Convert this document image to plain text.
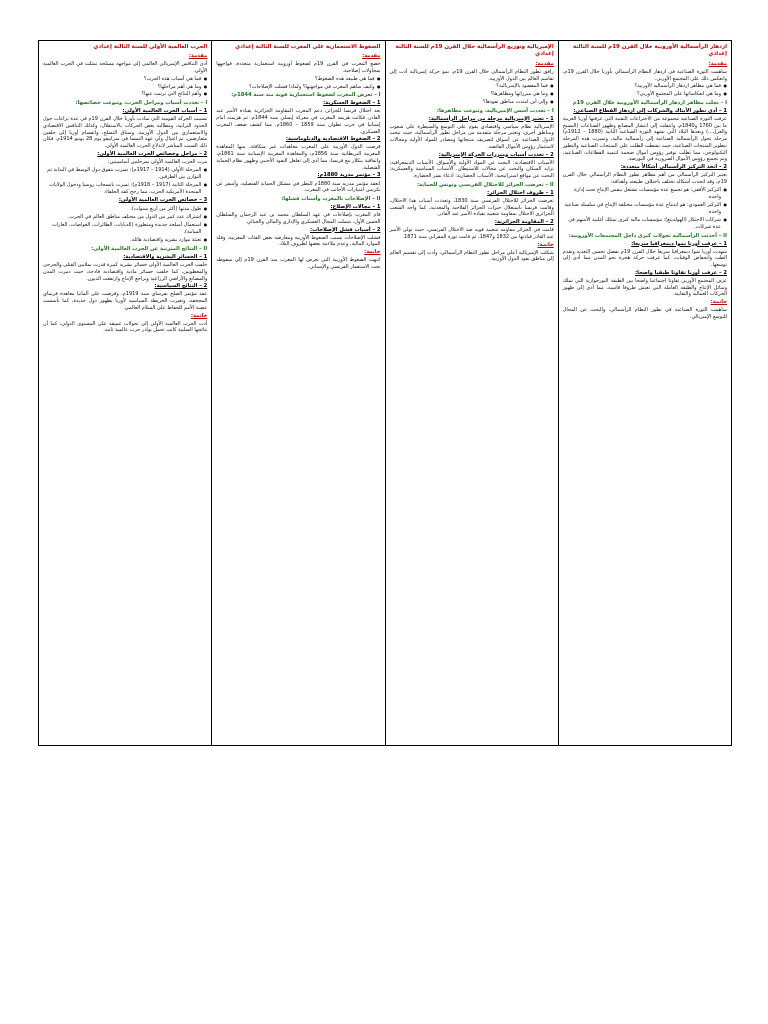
ازدهار الرأسمالية الأوروبية خلال القرن 19م للسنة الثالثة إعدادي
مقدمة:
ساهمت الثورة الصناعية في ازدهار النظام الرأسمالي بأوربا خلال القرن 19م، وانعكس ذلك على المجتمع الأوربي.
● فما هي مظاهر ازدهار الرأسمالية الأوربية؟
● وما هي انعكاساتها على المجتمع الأوربي؟
I – تجلت مظاهر ازدهار الرأسمالية الأوروبية خلال القرن 19م
1 – أدى تطور الأبناك والشركات إلى ازدهار القطاع الصناعي:
عرفت الثورة الصناعية مجموعة من الاختراعات التقنية التي عرفتها أوربا الغربية ما بين 1760 و1840م، وانتقلت إلى انتشار المصانع وظهور الصناعات (النسيج والغزل...) وبعدها البلاد التي تشهد الثورة الصناعية الثانية (1880 – 1912م) مرحلة تحول الرأسمالية الصناعية إلى رأسمالية مالية، وتميزت هذه المرحلة بتطوير المنتجات الصناعية، حيث نشطت الطلب على المنتجات الصناعية والتطور التكنولوجي، مما تطلب توفير رؤوس أموال ضخمة لتنمية القطاعات الصناعية، وتم تجميع رؤوس الأموال الضرورية في البورصة.
2 – اتخذ التركيز الرأسمالي أشكالاً متعددة:
يعتبر التركيز الرأسمالي من أهم مظاهر تطور النظام الرأسمالي خلال القرن 19م، وقد اتخذت أشكاله تختلف باختلاف طبيعته وأهدافه:
● التركيز الأفقي: هو تجميع عدة مؤسسات تشتغل بنفس الإنتاج تحت إدارة واحدة.
● التركيز العمودي: هو اندماج عدة مؤسسات مختلفة الإنتاج في سلسلة صناعية واحدة.
● شركات الاحتكار (الهولدينغ): مؤسسات مالية كبرى تمتلك أغلبية الأسهم في عدة شركات.
II – أحدثت الرأسمالية تحولات كبرى داخل المجتمعات الأوروبية:
1 – عرفت أوربا نموا ديمغرافيا سريعا:
شهدت أوربا نموا ديمغرافيا سريعا خلال القرن 19م بفضل تحسن التغذية وتقدم الطب وانخفاض الوفيات، كما عرفت حركة هجرة نحو المدن مما أدى إلى توسعها.
2 – عرفت أوربا تفاوتا طبقيا واضحا:
عرف المجتمع الأوربي تفاوتا اجتماعيا واضحا بين الطبقة البورجوازية التي تملك وسائل الإنتاج والطبقة العاملة التي تعيش ظروفا قاسية، مما أدى إلى ظهور الحركات العمالية والنقابية.
خاتمة:
ساهمت الثورة الصناعية في تطور النظام الرأسمالي، والبحث عن المجال للتوسع الإمبريالي.
الإمبريالية وتوزيع الرأسمالية خلال القرن 19م للسنة الثالثة إعدادي
مقدمة:
رافق تطور النظام الرأسمالي خلال القرن 19م، نمو حركة إمبريالية أدت إلى تقاسم العالم بين الدول الأوربية.
● فما المقصود بالإمبريالية؟
● وما هي مبرراتها ومظاهرها؟
● وإلى أين امتدت مناطق نفوذها؟
I – تعددت أسس الإمبريالية، وتنوعت مظاهرها:
1 – تعتبر الإمبريالية مرحلة من مراحل الرأسمالية:
الإمبريالية نظام سياسي واقتصادي يقوم على التوسع والسيطرة على شعوب ومناطق أخرى، وتعتبر مرحلة متقدمة من مراحل تطور الرأسمالية، حيث تبحث الدول الصناعية عن أسواق لتصريف منتجاتها ومصادر للمواد الأولية ومجالات لاستثمار رؤوس الأموال الفائضة.
2 – تعددت أسباب ومبررات الحركة الإمبريالية:
الأسباب الاقتصادية: البحث عن المواد الأولية والأسواق. الأسباب الديمغرافية: تزايد السكان والبحث عن مجالات للاستيطان. الأسباب السياسية والعسكرية: البحث عن مواقع استراتيجية. الأسباب الحضارية: ادعاء نشر الحضارة.
II – تعرضت الجزائر للاحتلال الفرنسي وتونس للحماية:
1 – ظروف احتلال الجزائر:
تعرضت الجزائر للاحتلال الفرنسي سنة 1830، وتعددت أسباب هذا الاحتلال، وقامت فرنسا باستغلال خيرات الجزائر الفلاحية والمعدنية، كما واجه الشعب الجزائري الاحتلال بمقاومة شعبية بقيادة الأمير عبد القادر.
2 – المقاومة الجزائرية:
قامت في الجزائر مقاومة شعبية قوية ضد الاحتلال الفرنسي، حيث تولى الأمير عبد القادر قيادتها بين 1832 و1847، ثم قامت ثورة المقراني سنة 1871.
خاتمة:
شكلت الإمبريالية أعلى مراحل تطور النظام الرأسمالي، وأدت إلى تقسيم العالم إلى مناطق نفوذ الدول الأوربية.
الضغوط الاستعمارية على المغرب للسنة الثالثة إعدادي
مقدمة:
خضع المغرب في القرن 19م لضغوط أوروبية استعمارية متعددة، فواجهها بمحاولات إصلاحية.
● فما هي طبيعة هذه الضغوط؟
● وكيف ساهم المغرب في مواجهتها؟ ولماذا فشلت الإصلاحات؟
I – تعرض المغرب لضغوط استعمارية قوية منذ سنة 1844م:
1 – الضغوط العسكرية:
بعد احتلال فرنسا للجزائر، دعم المغرب المقاومة الجزائرية بقيادة الأمير عبد القادر، فكانت هزيمة المغرب في معركة إيسلي سنة 1844م، ثم هزيمته أمام إسبانيا في حرب تطوان سنة 1859 – 1860م، مما كشف ضعف المغرب العسكري.
2 – الضغوط الاقتصادية والدبلوماسية:
فرضت الدول الأوربية على المغرب معاهدات غير متكافئة، منها المعاهدة المغربية البريطانية سنة 1856م، والمعاهدة المغربية الإسبانية سنة 1861م، واتفاقية بيكلار مع فرنسا، مما أدى إلى تغلغل النفوذ الأجنبي وظهور نظام الحماية القنصلية.
3 – مؤتمر مدريد 1880م:
انعقد مؤتمر مدريد سنة 1880م للنظر في مشكل الحماية القنصلية، وأسفر عن تكريس امتيازات الأجانب في المغرب.
II – الإصلاحات بالمغرب وأسباب فشلها:
1 – مجالات الإصلاح:
قام المغرب بإصلاحات في عهد السلطان محمد بن عبد الرحمان والسلطان الحسن الأول، شملت المجال العسكري والإداري والمالي والجبائي.
2 – أسباب فشل الإصلاحات:
فشلت الإصلاحات بسبب الضغوط الأوربية ومعارضة بعض الفئات المغربية، وقلة الموارد المالية، وعدم ملاءمة بعضها لظروف البلاد.
خاتمة:
انتهت الضغوط الأوربية التي تعرض لها المغرب منذ القرن 19م إلى سقوطه تحت الاستعمار الفرنسي والإسباني.
الحرب العالمية الأولى للسنة الثالثة إعدادي
مقدمة:
أدى التنافس الإمبريالي العالمي إلى مواجهة مسلحة تمثلت في الحرب العالمية الأولى.
● فما هي أسباب هذه الحرب؟
● وما هي أهم مراحلها؟
● وأهم النتائج التي ترتبت عنها؟
I – تعددت أسباب ومراحل الحرب، وتنوعت خصائصها:
1 – أسباب الحرب العالمية الأولى:
تسببت الحركة القومية التي سادت بأوربا خلال القرن 19م في عدة نزاعات حول الحدود الترابية، ومطالبة بعض الحركات بالاستقلال، وكذلك التنافس الاقتصادي والاستعماري بين الدول الأوربية، وسباق التسلح، وانقسام أوربا إلى حلفين متعارضين، ثم اغتيال ولي عهد النمسا في سراييفو يوم 28 يونيو 1914م، فكان ذلك السبب المباشر لاندلاع الحرب العالمية الأولى.
2 – مراحل وخصائص الحرب العالمية الأولى:
مرت الحرب العالمية الأولى بمرحلتين أساسيتين:
● المرحلة الأولى (1914 – 1917م): تميزت بتفوق دول الوسط في البداية ثم التوازن بين الطرفين.
● المرحلة الثانية (1917 – 1918م): تميزت بانسحاب روسيا ودخول الولايات المتحدة الأمريكية الحرب، مما رجح كفة الحلفاء.
3 – خصائص الحرب العالمية الأولى:
● طول مدتها (أكثر من أربع سنوات).
● اشتراك عدد كبير من الدول من مختلف مناطق العالم في الحرب.
● استعمال أسلحة جديدة ومتطورة (الدبابات، الطائرات، الغواصات، الغازات السامة).
● تعبئة موارد بشرية واقتصادية هائلة.
II – النتائج المترتبة عن الحرب العالمية الأولى:
1 – الخسائر البشرية والاقتصادية:
خلفت الحرب العالمية الأولى خسائر بشرية كبيرة قدرت بملايين القتلى والجرحى والمعطوبين، كما خلفت خسائر مادية واقتصادية فادحة، حيث دمرت المدن والمصانع والأراضي الزراعية وتراجع الإنتاج وارتفعت الديون.
2 – النتائج السياسية:
عقد مؤتمر الصلح بفرساي سنة 1919م، وفرضت على ألمانيا معاهدة فرساي المجحفة، وتغيرت الخريطة السياسية لأوربا بظهور دول جديدة، كما تأسست عصبة الأمم للحفاظ على السلام العالمي.
خاتمة:
أدت الحرب العالمية الأولى إلى تحولات عميقة على المستوى الدولي، كما أن نتائجها السلبية كانت تحمل بوادر حرب عالمية ثانية.
